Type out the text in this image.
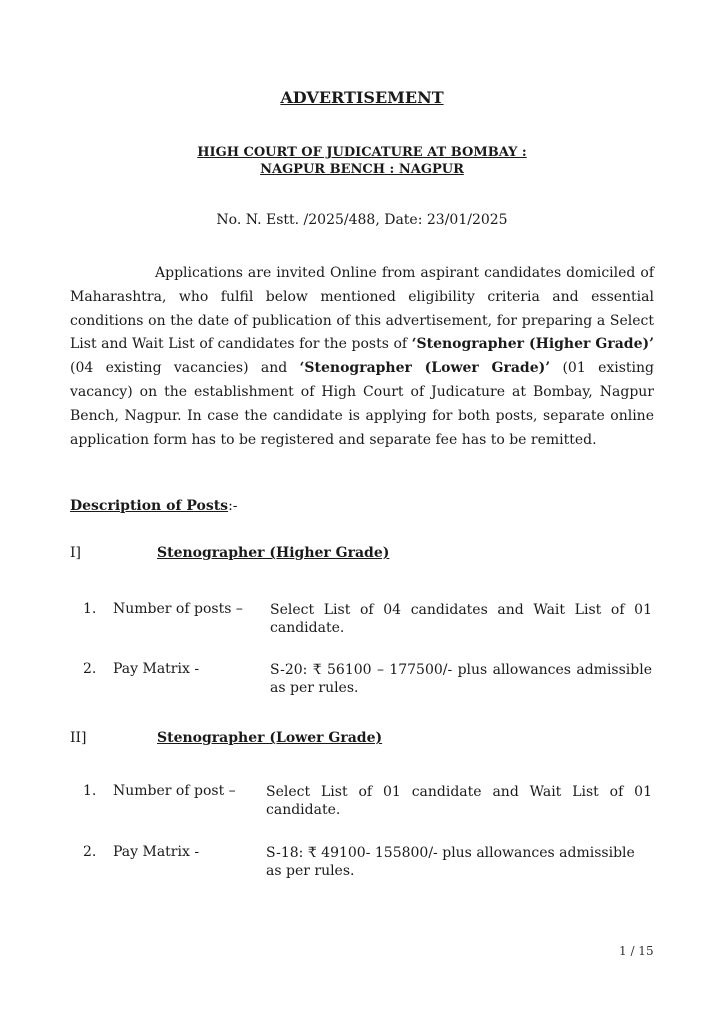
ADVERTISEMENT
HIGH COURT OF JUDICATURE AT BOMBAY :
NAGPUR BENCH : NAGPUR
No. N. Estt. /2025/488, Date: 23/01/2025
Applications are invited Online from aspirant candidates domiciled of Maharashtra, who fulfil below mentioned eligibility criteria and essential conditions on the date of publication of this advertisement, for preparing a Select List and Wait List of candidates for the posts of ‘Stenographer (Higher Grade)’ (04 existing vacancies) and ‘Stenographer (Lower Grade)’ (01 existing vacancy) on the establishment of High Court of Judicature at Bombay, Nagpur Bench, Nagpur. In case the candidate is applying for both posts, separate online application form has to be registered and separate fee has to be remitted.
Description of Posts:-
I]	Stenographer (Higher Grade)
1. Number of posts – Select List of 04 candidates and Wait List of 01 candidate.
2. Pay Matrix -	S-20: ₹ 56100 – 177500/- plus allowances admissible as per rules.
II]	Stenographer (Lower Grade)
1. Number of post – Select List of 01 candidate and Wait List of 01 candidate.
2. Pay Matrix -	S-18: ₹ 49100- 155800/- plus allowances admissible as per rules.
1 / 15
